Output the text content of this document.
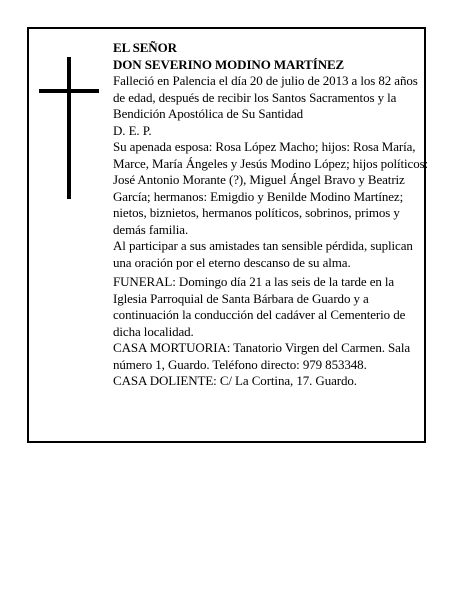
EL SEÑOR

DON SEVERINO MODINO MARTÍNEZ

Falleció en Palencia el día 20 de julio de 2013 a los 82 años de edad, después de recibir los Santos Sacramentos y la Bendición Apostólica de Su Santidad

D. E. P.

Su apenada esposa: Rosa López Macho; hijos: Rosa María, Marce, María Ángeles y Jesús Modino López; hijos políticos: José Antonio Morante (?), Miguel Ángel Bravo y Beatriz García; hermanos: Emigdio y Benilde Modino Martínez; nietos, biznietos, hermanos políticos, sobrinos, primos y demás familia.

Al participar a sus amistades tan sensible pérdida, suplican una oración por el eterno descanso de su alma.

FUNERAL: Domingo día 21 a las seis de la tarde en la Iglesia Parroquial de Santa Bárbara de Guardo y a continuación la conducción del cadáver al Cementerio de dicha localidad.

CASA MORTUORIA: Tanatorio Virgen del Carmen. Sala número 1, Guardo. Teléfono directo: 979 853348.

CASA DOLIENTE: C/ La Cortina, 17. Guardo.
